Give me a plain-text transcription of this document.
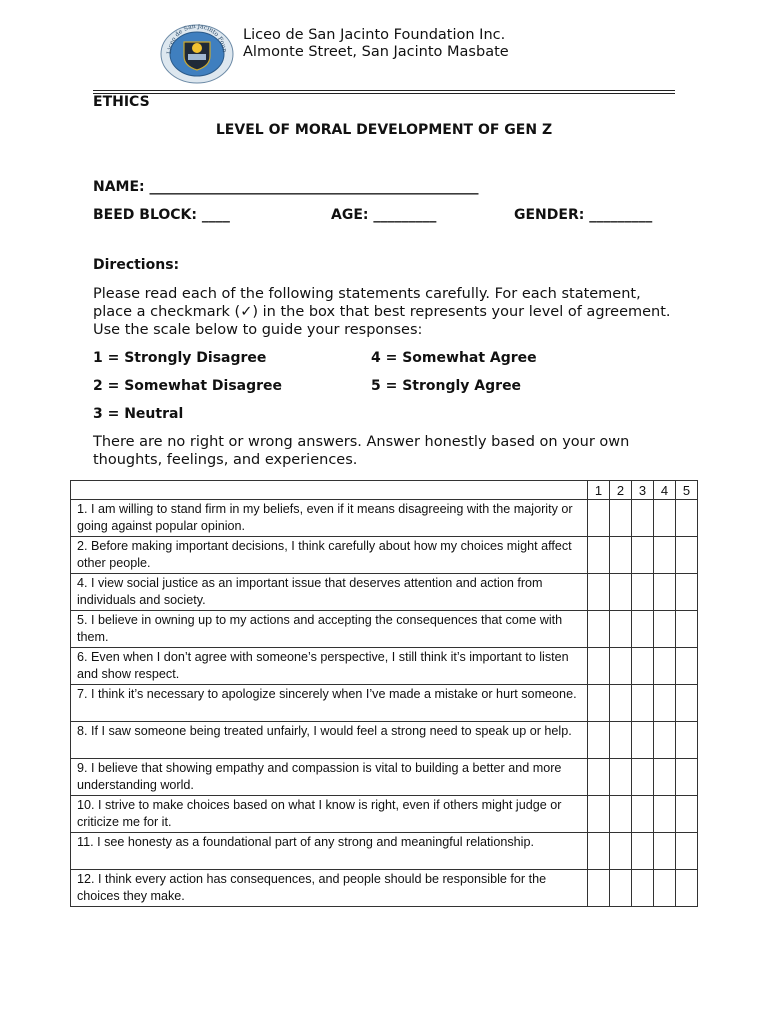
Liceo de San Jacinto Foun
Liceo de San Jacinto Foundation Inc.
Almonte Street, San Jacinto Masbate
ETHICS
LEVEL OF MORAL DEVELOPMENT OF GEN Z
NAME: _______________________________________________
BEED BLOCK: ____	AGE: _________	GENDER: _________
Directions:
Please read each of the following statements carefully. For each statement, place a checkmark (✓) in the box that best represents your level of agreement. Use the scale below to guide your responses:
1 = Strongly Disagree
2 = Somewhat Disagree
3 = Neutral
4 = Somewhat Agree
5 = Strongly Agree
There are no right or wrong answers. Answer honestly based on your own thoughts, feelings, and experiences.
	1	2	3	4	5
1. I am willing to stand firm in my beliefs, even if it means disagreeing with the majority or going against popular opinion.					
2. Before making important decisions, I think carefully about how my choices might affect other people.					
4. I view social justice as an important issue that deserves attention and action from individuals and society.					
5. I believe in owning up to my actions and accepting the consequences that come with them.					
6. Even when I don’t agree with someone’s perspective, I still think it’s important to listen and show respect.					
7. I think it’s necessary to apologize sincerely when I’ve made a mistake or hurt someone.					
8. If I saw someone being treated unfairly, I would feel a strong need to speak up or help.					
9. I believe that showing empathy and compassion is vital to building a better and more understanding world.					
10. I strive to make choices based on what I know is right, even if others might judge or criticize me for it.					
11. I see honesty as a foundational part of any strong and meaningful relationship.					
12. I think every action has consequences, and people should be responsible for the choices they make.					
